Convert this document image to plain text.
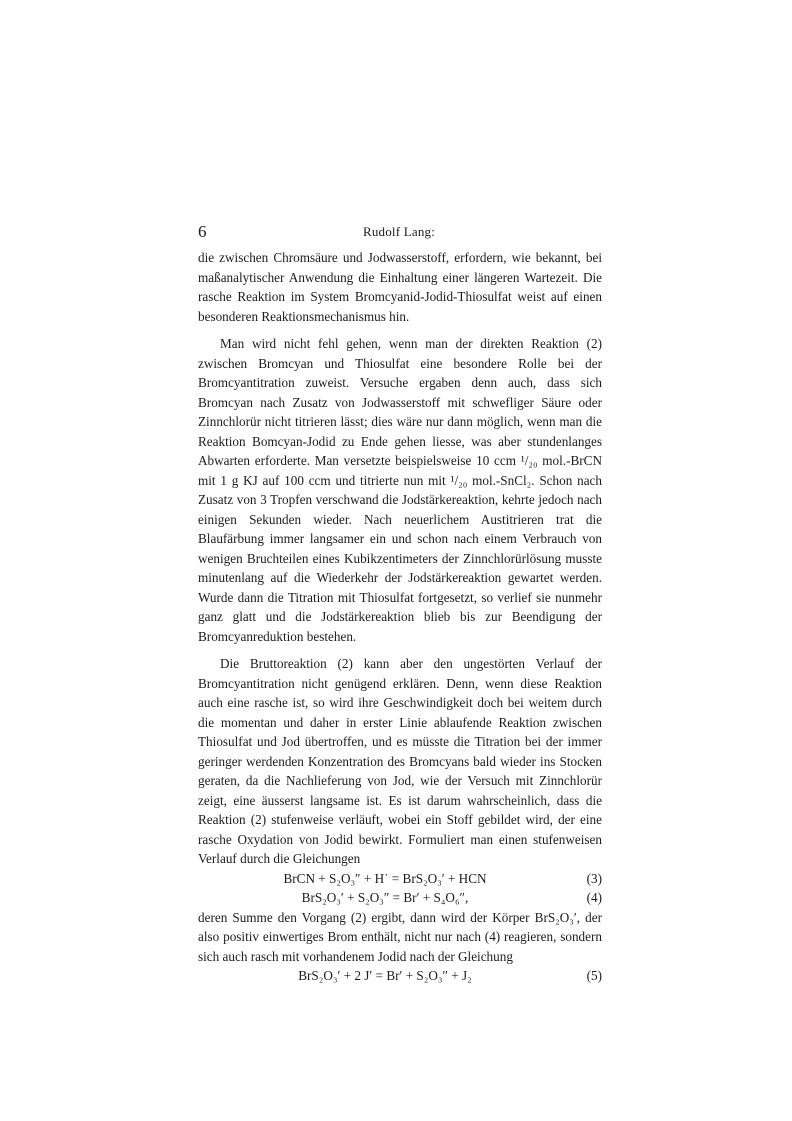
6	Rudolf Lang:

die zwischen Chromsäure und Jodwasserstoff, erfordern, wie bekannt, bei maßanalytischer Anwendung die Einhaltung einer längeren Wartezeit. Die rasche Reaktion im System Bromcyanid-Jodid-Thiosulfat weist auf einen besonderen Reaktionsmechanismus hin.

Man wird nicht fehl gehen, wenn man der direkten Reaktion (2) zwischen Bromcyan und Thiosulfat eine besondere Rolle bei der Bromcyantitration zuweist. Versuche ergaben denn auch, dass sich Bromcyan nach Zusatz von Jodwasserstoff mit schwefliger Säure oder Zinnchlorür nicht titrieren lässt; dies wäre nur dann möglich, wenn man die Reaktion Bomcyan-Jodid zu Ende gehen liesse, was aber stundenlanges Abwarten erforderte. Man versetzte beispielsweise 10 ccm ¹/₂₀ mol.-BrCN mit 1 g KJ auf 100 ccm und titrierte nun mit ¹/₂₀ mol.-SnCl₂. Schon nach Zusatz von 3 Tropfen verschwand die Jodstärkereaktion, kehrte jedoch nach einigen Sekunden wieder. Nach neuerlichem Austitrieren trat die Blaufärbung immer langsamer ein und schon nach einem Verbrauch von wenigen Bruchteilen eines Kubikzentimeters der Zinnchlorürlösung musste minutenlang auf die Wiederkehr der Jodstärkereaktion gewartet werden. Wurde dann die Titration mit Thiosulfat fortgesetzt, so verlief sie nunmehr ganz glatt und die Jodstärkereaktion blieb bis zur Beendigung der Bromcyanreduktion bestehen.

Die Bruttoreaktion (2) kann aber den ungestörten Verlauf der Bromcyantitration nicht genügend erklären. Denn, wenn diese Reaktion auch eine rasche ist, so wird ihre Geschwindigkeit doch bei weitem durch die momentan und daher in erster Linie ablaufende Reaktion zwischen Thiosulfat und Jod übertroffen, und es müsste die Titration bei der immer geringer werdenden Konzentration des Bromcyans bald wieder ins Stocken geraten, da die Nachlieferung von Jod, wie der Versuch mit Zinnchlorür zeigt, eine äusserst langsame ist. Es ist darum wahrscheinlich, dass die Reaktion (2) stufenweise verläuft, wobei ein Stoff gebildet wird, der eine rasche Oxydation von Jodid bewirkt. Formuliert man einen stufenweisen Verlauf durch die Gleichungen

BrCN + S₂O₃″ + H˙ = BrS₂O₃′ + HCN	(3)
BrS₂O₃′ + S₂O₃″ = Br′ + S₄O₆″,	(4)

deren Summe den Vorgang (2) ergibt, dann wird der Körper BrS₂O₃′, der also positiv einwertiges Brom enthält, nicht nur nach (4) reagieren, sondern sich auch rasch mit vorhandenem Jodid nach der Gleichung

BrS₂O₃′ + 2 J′ = Br′ + S₂O₃″ + J₂	(5)
